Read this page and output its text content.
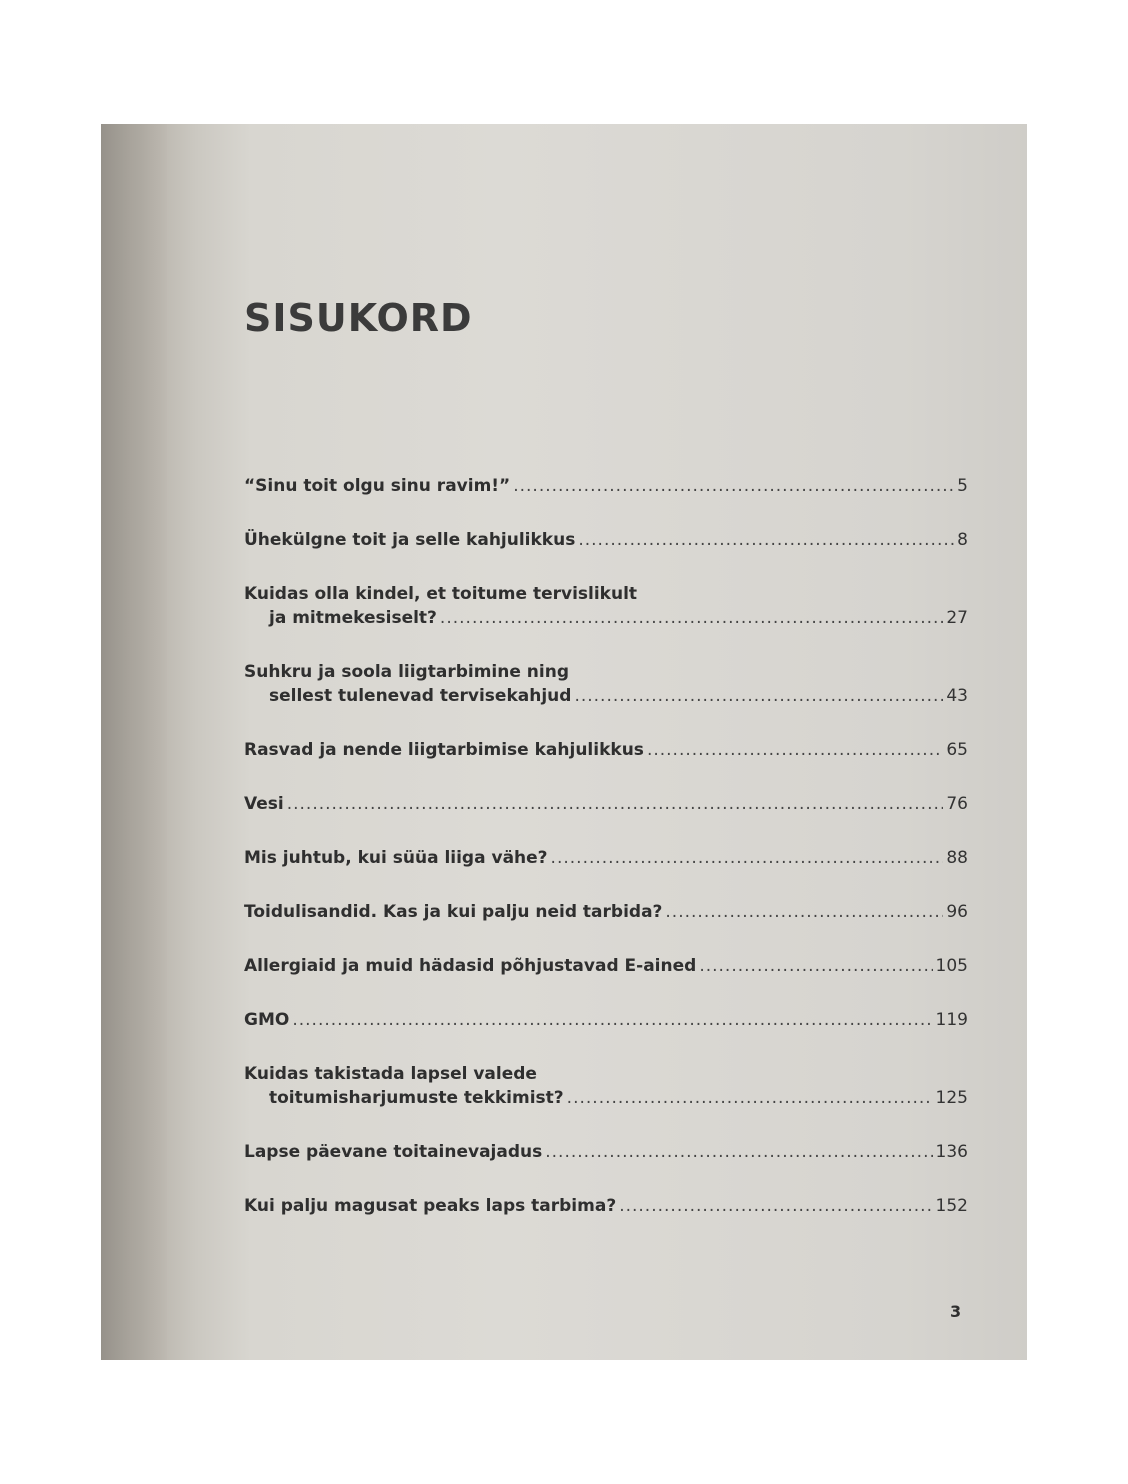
SISUKORD
“Sinu toit olgu sinu ravim!” .....	5
Ühekülgne toit ja selle kahjulikkus .....	8
Kuidas olla kindel, et toitume tervislikult
ja mitmekesiselt? .....	27
Suhkru ja soola liigtarbimine ning
sellest tulenevad tervisekahjud .....	43
Rasvad ja nende liigtarbimise kahjulikkus .....	65
Vesi .....	76
Mis juhtub, kui süüa liiga vähe? .....	88
Toidulisandid. Kas ja kui palju neid tarbida? .....	96
Allergiaid ja muid hädasid põhjustavad E-ained .....	105
GMO .....	119
Kuidas takistada lapsel valede
toitumisharjumuste tekkimist? .....	125
Lapse päevane toitainevajadus .....	136
Kui palju magusat peaks laps tarbima? .....	152
3
